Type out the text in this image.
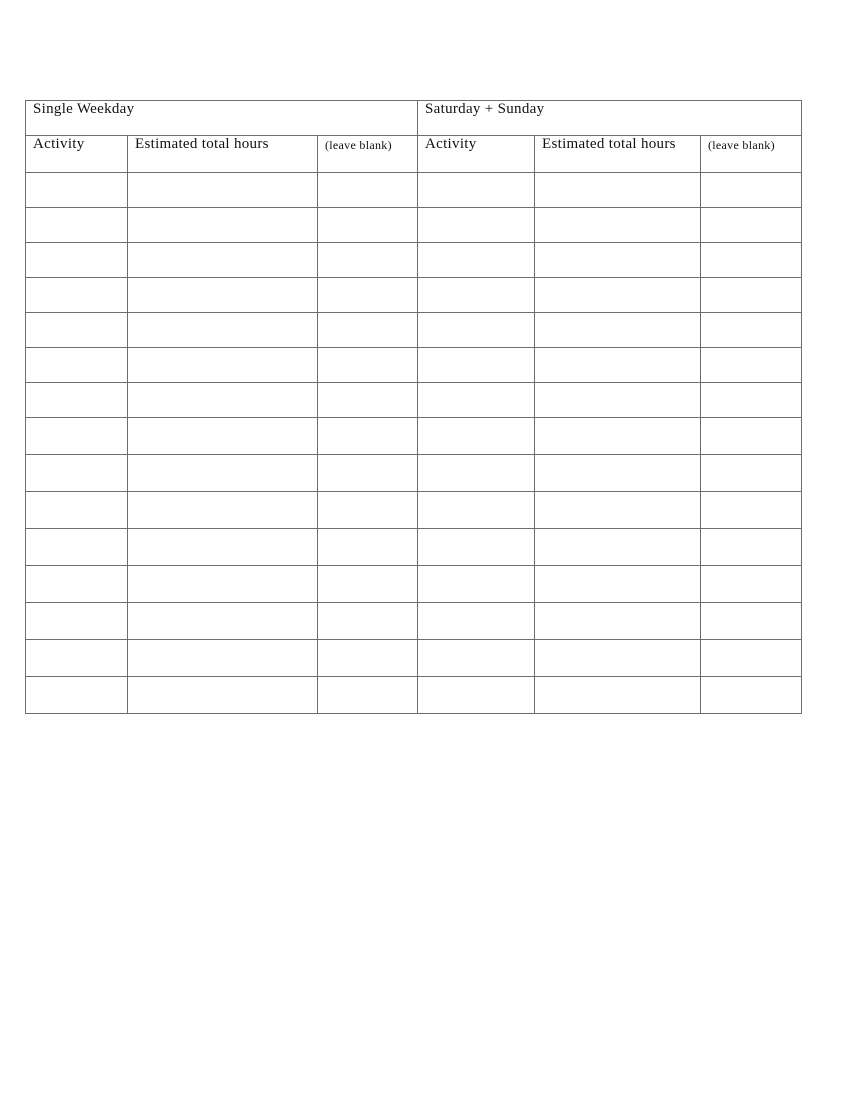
Single Weekday			Saturday + Sunday		
Activity	Estimated total hours	(leave blank)	Activity	Estimated total hours	(leave blank)
